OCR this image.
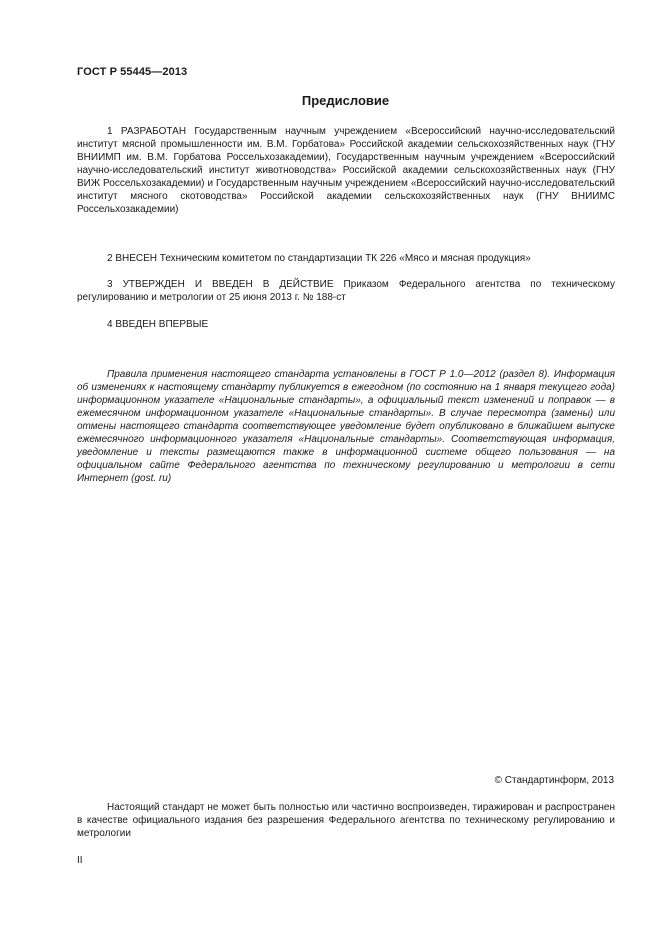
ГОСТ Р 55445—2013
Предисловие

1 РАЗРАБОТАН Государственным научным учреждением «Всероссийский научно-исследовательский институт мясной промышленности им. В.М. Горбатова» Российской академии сельскохозяйственных наук (ГНУ ВНИИМП им. В.М. Горбатова Россельхозакадемии), Государственным научным учреждением «Всероссийский научно-исследовательский институт животноводства» Российской академии сельскохозяйственных наук (ГНУ ВИЖ Россельхозакадемии) и Государственным научным учреждением «Всероссийский научно-исследовательский институт мясного скотоводства» Российской академии сельскохозяйственных наук (ГНУ ВНИИМС Россельхозакадемии)

2 ВНЕСЕН Техническим комитетом по стандартизации ТК 226 «Мясо и мясная продукция»

3 УТВЕРЖДЕН И ВВЕДЕН В ДЕЙСТВИЕ Приказом Федерального агентства по техническому регулированию и метрологии от 25 июня 2013 г. № 188-ст

4 ВВЕДЕН ВПЕРВЫЕ

Правила применения настоящего стандарта установлены в ГОСТ Р 1.0—2012 (раздел 8). Информация об изменениях к настоящему стандарту публикуется в ежегодном (по состоянию на 1 января текущего года) информационном указателе «Национальные стандарты», а официальный текст изменений и поправок — в ежемесячном информационном указателе «Национальные стандарты». В случае пересмотра (замены) или отмены настоящего стандарта соответствующее уведомление будет опубликовано в ближайшем выпуске ежемесячного информационного указателя «Национальные стандарты». Соответствующая информация, уведомление и тексты размещаются также в информационной системе общего пользования — на официальном сайте Федерального агентства по техническому регулированию и метрологии в сети Интернет (gost. ru)

© Стандартинформ, 2013

Настоящий стандарт не может быть полностью или частично воспроизведен, тиражирован и распространен в качестве официального издания без разрешения Федерального агентства по техническому регулированию и метрологии

II
